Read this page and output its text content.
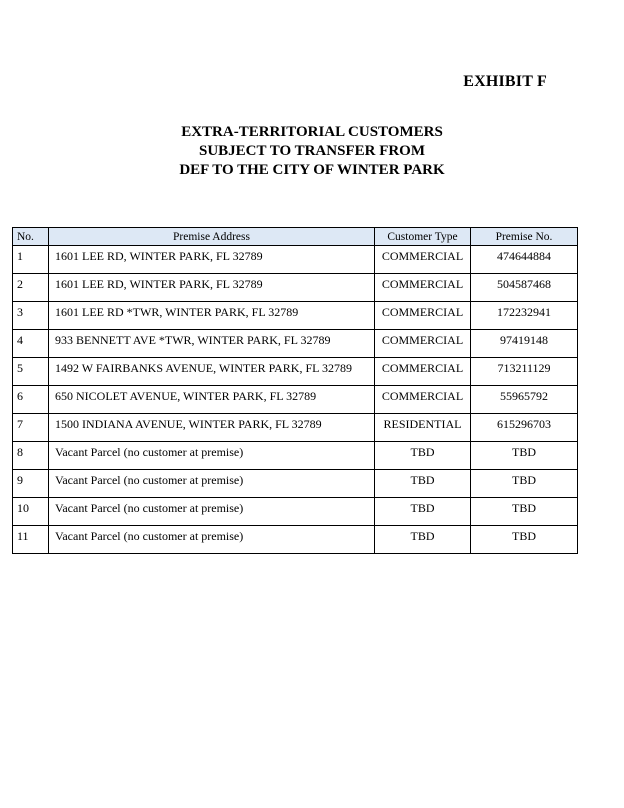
EXHIBIT F
EXTRA-TERRITORIAL CUSTOMERS
SUBJECT TO TRANSFER FROM
DEF TO THE CITY OF WINTER PARK
No.	Premise Address	Customer Type	Premise No.
1	1601 LEE RD, WINTER PARK, FL 32789	COMMERCIAL	474644884
2	1601 LEE RD, WINTER PARK, FL 32789	COMMERCIAL	504587468
3	1601 LEE RD *TWR, WINTER PARK, FL 32789	COMMERCIAL	172232941
4	933 BENNETT AVE *TWR, WINTER PARK, FL 32789	COMMERCIAL	97419148
5	1492 W FAIRBANKS AVENUE, WINTER PARK, FL 32789	COMMERCIAL	713211129
6	650 NICOLET AVENUE, WINTER PARK, FL 32789	COMMERCIAL	55965792
7	1500 INDIANA AVENUE, WINTER PARK, FL 32789	RESIDENTIAL	615296703
8	Vacant Parcel (no customer at premise)	TBD	TBD
9	Vacant Parcel (no customer at premise)	TBD	TBD
10	Vacant Parcel (no customer at premise)	TBD	TBD
11	Vacant Parcel (no customer at premise)	TBD	TBD
